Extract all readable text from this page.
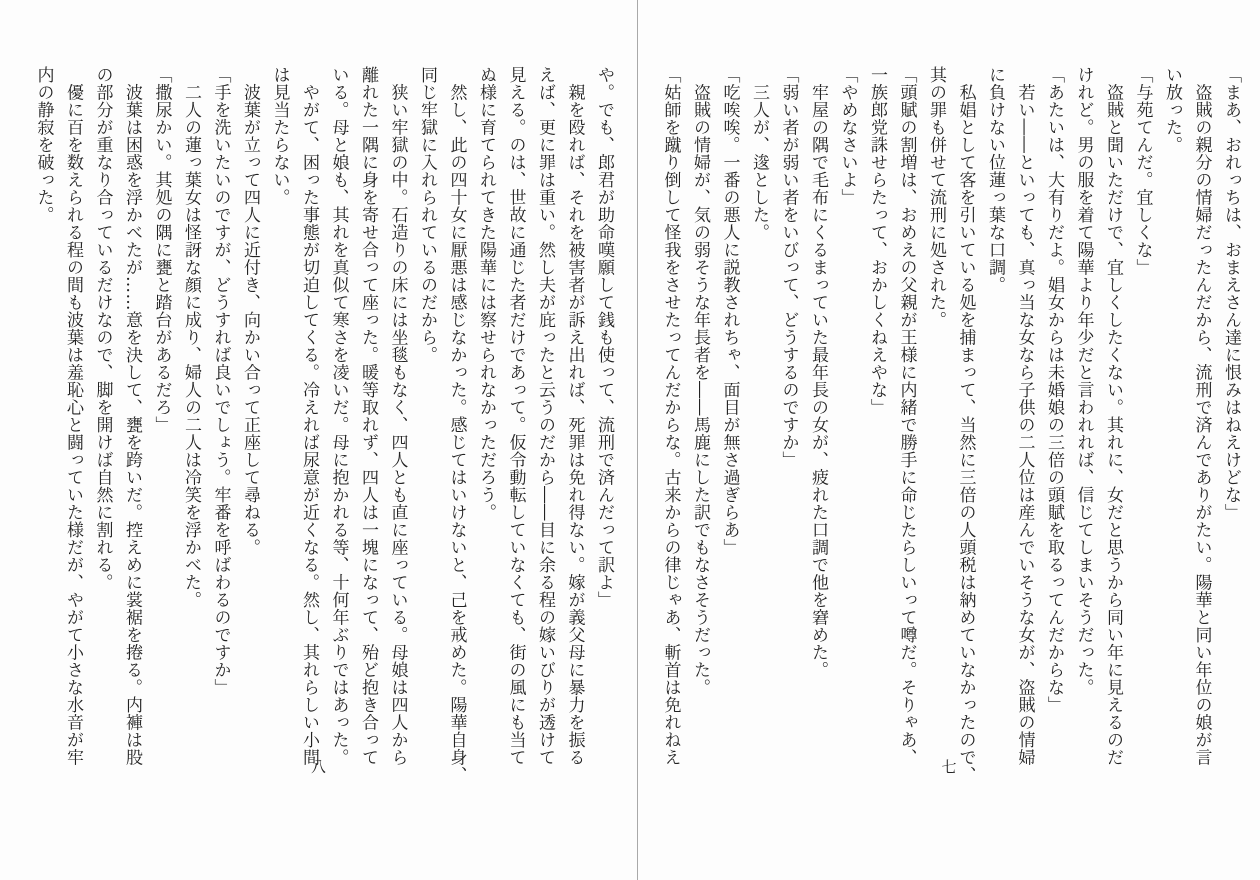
「まあ、おれっちは、おまえさん達に恨みはねえけどな」

　盗賊の親分の情婦だったんだから、流刑で済んでありがたい。陽華と同い年位の娘が言

い放った。

「与苑てんだ。宜しくな」

　盗賊と聞いただけで、宜しくしたくない。其れに、女だと思うから同い年に見えるのだ

けれど。男の服を着て陽華より年少だと言われれば、信じてしまいそうだった。

「あたいは、大有りだよ。娼女からは未婚娘の三倍の頭賦を取るってんだからな」

　若い――といっても、真っ当な女なら子供の二人位は産んでいそうな女が、盗賊の情婦

に負けない位蓮っ葉な口調。

　私娼として客を引いている処を捕まって、当然に三倍の人頭税は納めていなかったので、

其の罪も併せて流刑に処された。

「頭賦の割増は、おめえの父親が王様に内緒で勝手に命じたらしいって噂だ。そりゃあ、

一族郎党誅せらたって、おかしくねえやな」

「やめなさいよ」

　牢屋の隅で毛布にくるまっていた最年長の女が、疲れた口調で他を窘めた。

「弱い者が弱い者をいびって、どうするのですか」

　三人が、逡とした。

「吃唉唉。一番の悪人に説教されちゃ、面目が無さ過ぎらあ」

　盗賊の情婦が、気の弱そうな年長者を――馬鹿にした訳でもなさそうだった。

「姑師を蹴り倒して怪我をさせたってんだからな。古来からの律じゃあ、斬首は免れねえ

七

や。でも、郎君が助命嘆願して銭も使って、流刑で済んだって訳よ」

　親を殴れば、それを被害者が訴え出れば、死罪は免れ得ない。嫁が義父母に暴力を振る

えば、更に罪は重い。然し夫が庇ったと云うのだから――目に余る程の嫁いびりが透けて

見える。のは、世故に通じた者だけであって。仮令動転していなくても、街の風にも当て

ぬ様に育てられてきた陽華には察せられなかっただろう。

　然し、此の四十女に厭悪は感じなかった。感じてはいけないと、己を戒めた。陽華自身、

同じ牢獄に入れられているのだから。

　狭い牢獄の中。石造りの床には坐毯もなく、四人とも直に座っている。母娘は四人から

離れた一隅に身を寄せ合って座った。暖等取れず、四人は一塊になって、殆ど抱き合って

いる。母と娘も、其れを真似て寒さを凌いだ。母に抱かれる等、十何年ぶりではあった。

　やがて、困った事態が切迫してくる。冷えれば尿意が近くなる。然し、其れらしい小間

は見当たらない。

　波葉が立って四人に近付き、向かい合って正座して尋ねる。

「手を洗いたいのですが、どうすれば良いでしょう。牢番を呼ばわるのですか」

　二人の蓮っ葉女は怪訝な顔に成り、婦人の二人は冷笑を浮かべた。

「撒尿かい。其処の隅に甕と踏台があるだろ」

　波葉は困惑を浮かべたが……意を決して、甕を跨いだ。控えめに裳裾を捲る。内褲は股

の部分が重なり合っているだけなので、脚を開けば自然に割れる。

　優に百を数えられる程の間も波葉は羞恥心と闘っていた様だが、やがて小さな水音が牢

内の静寂を破った。

八
